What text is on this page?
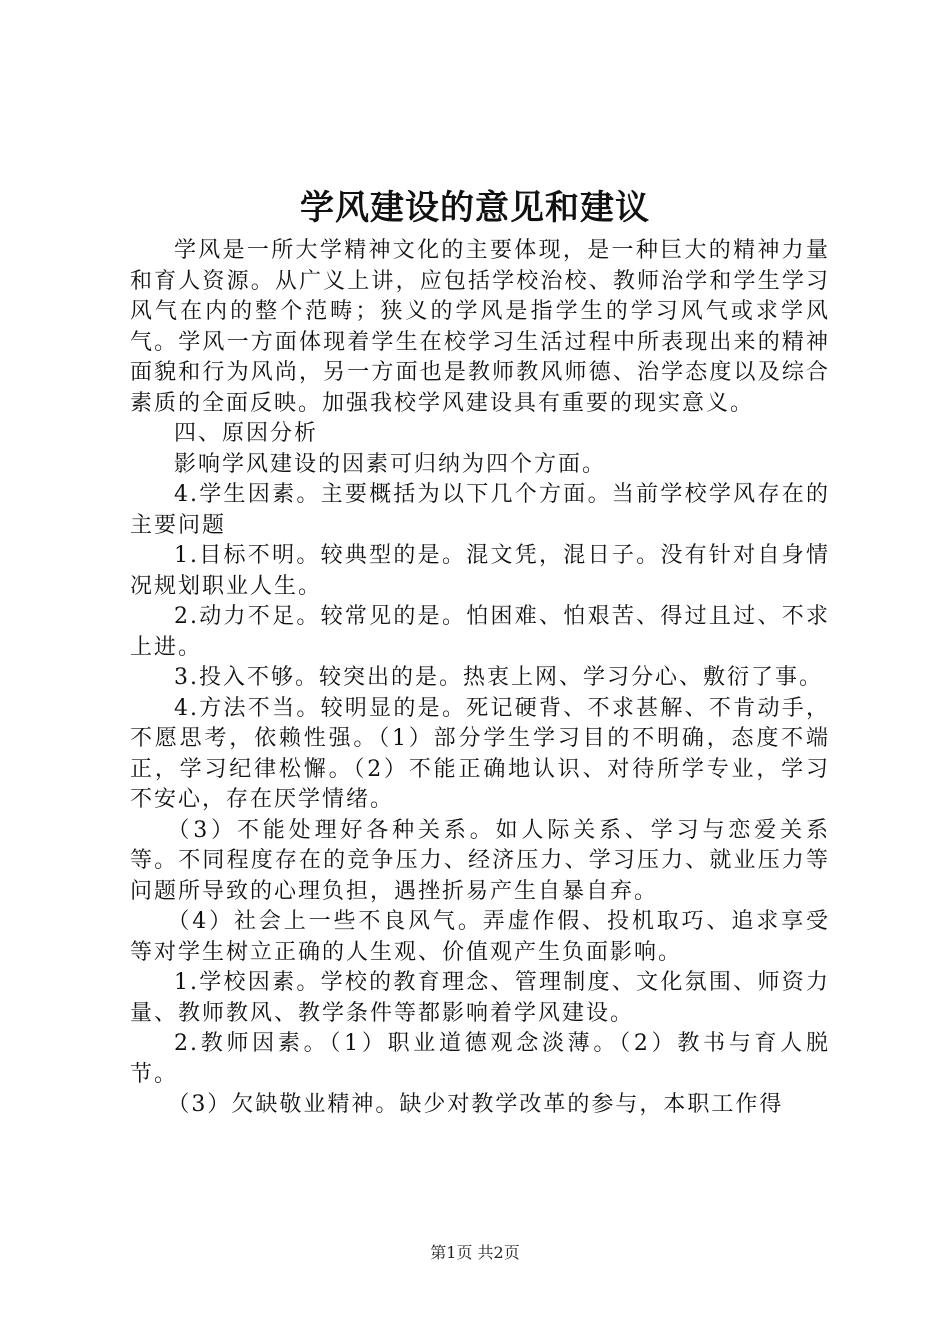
学风建设的意见和建议

学风是一所大学精神文化的主要体现，是一种巨大的精神力量和育人资源。从广义上讲，应包括学校治校、教师治学和学生学习风气在内的整个范畴；狭义的学风是指学生的学习风气或求学风气。学风一方面体现着学生在校学习生活过程中所表现出来的精神面貌和行为风尚，另一方面也是教师教风师德、治学态度以及综合素质的全面反映。加强我校学风建设具有重要的现实意义。

四、原因分析

影响学风建设的因素可归纳为四个方面。

4.学生因素。主要概括为以下几个方面。当前学校学风存在的主要问题

1.目标不明。较典型的是。混文凭，混日子。没有针对自身情况规划职业人生。

2.动力不足。较常见的是。怕困难、怕艰苦、得过且过、不求上进。

3.投入不够。较突出的是。热衷上网、学习分心、敷衍了事。

4.方法不当。较明显的是。死记硬背、不求甚解、不肯动手，不愿思考，依赖性强。（1）部分学生学习目的不明确，态度不端正，学习纪律松懈。（2）不能正确地认识、对待所学专业，学习不安心，存在厌学情绪。

（3）不能处理好各种关系。如人际关系、学习与恋爱关系等。不同程度存在的竞争压力、经济压力、学习压力、就业压力等问题所导致的心理负担，遇挫折易产生自暴自弃。

（4）社会上一些不良风气。弄虚作假、投机取巧、追求享受等对学生树立正确的人生观、价值观产生负面影响。

1.学校因素。学校的教育理念、管理制度、文化氛围、师资力量、教师教风、教学条件等都影响着学风建设。

2.教师因素。（1）职业道德观念淡薄。（2）教书与育人脱节。

（3）欠缺敬业精神。缺少对教学改革的参与，本职工作得

第1页 共2页
